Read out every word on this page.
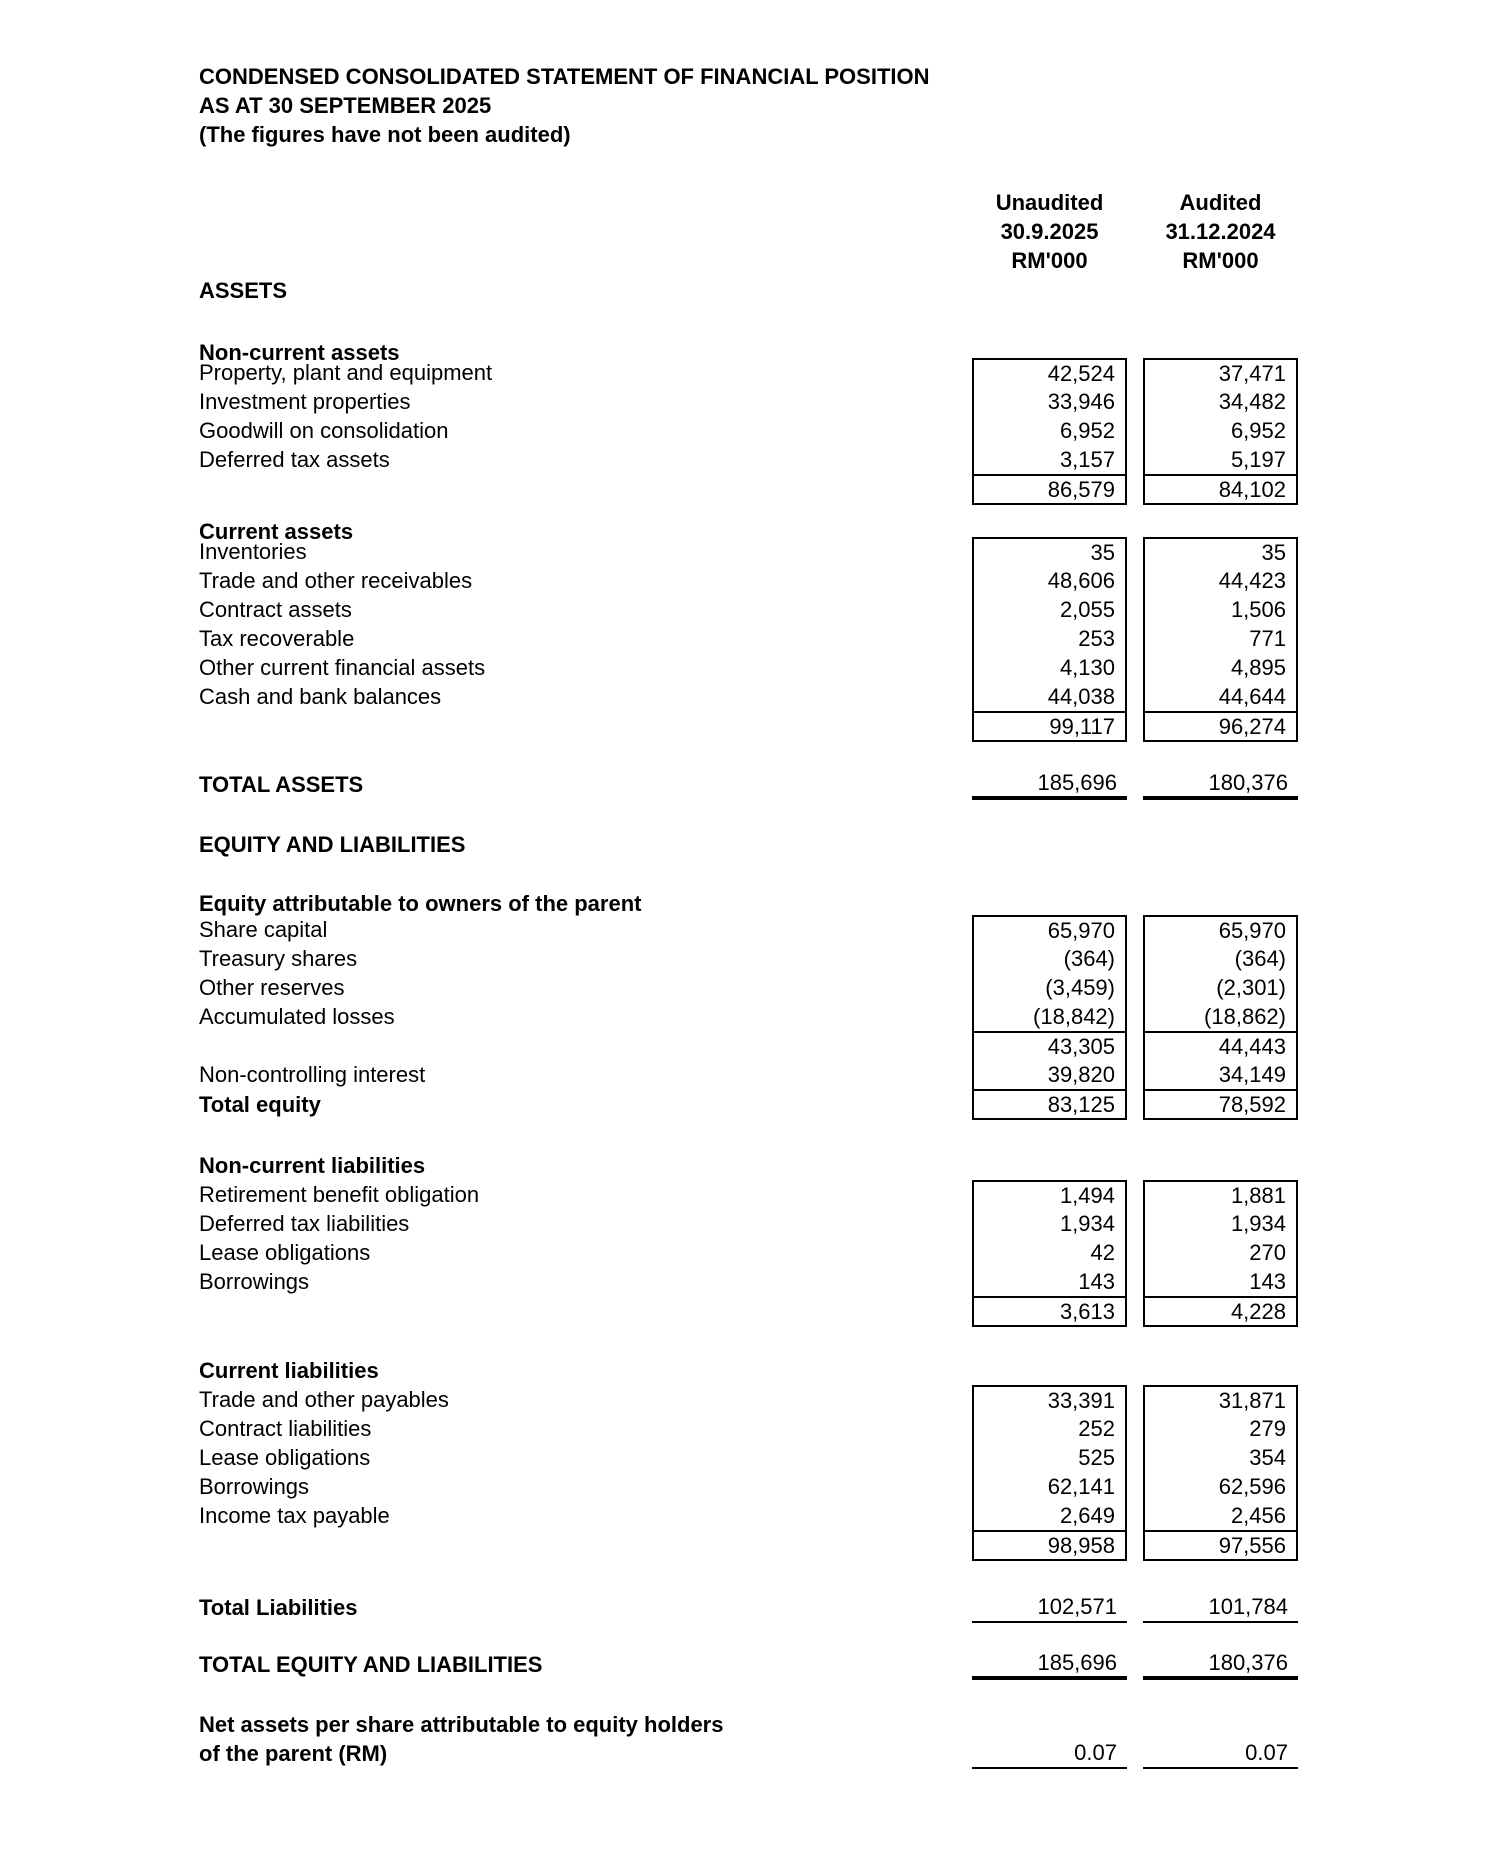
CONDENSED CONSOLIDATED STATEMENT OF FINANCIAL POSITION
AS AT 30 SEPTEMBER 2025
(The figures have not been audited)
Unaudited	Audited
30.9.2025	31.12.2024
RM'000	RM'000
ASSETS
Non-current assets
Property, plant and equipment	42,524	37,471
Investment properties	33,946	34,482
Goodwill on consolidation	6,952	6,952
Deferred tax assets	3,157	5,197
86,579	84,102
Current assets
Inventories	35	35
Trade and other receivables	48,606	44,423
Contract assets	2,055	1,506
Tax recoverable	253	771
Other current financial assets	4,130	4,895
Cash and bank balances	44,038	44,644
99,117	96,274
TOTAL ASSETS	185,696	180,376
EQUITY AND LIABILITIES
Equity attributable to owners of the parent
Share capital	65,970	65,970
Treasury shares	(364)	(364)
Other reserves	(3,459)	(2,301)
Accumulated losses	(18,842)	(18,862)
43,305	44,443
Non-controlling interest	39,820	34,149
Total equity	83,125	78,592
Non-current liabilities
Retirement benefit obligation	1,494	1,881
Deferred tax liabilities	1,934	1,934
Lease obligations	42	270
Borrowings	143	143
3,613	4,228
Current liabilities
Trade and other payables	33,391	31,871
Contract liabilities	252	279
Lease obligations	525	354
Borrowings	62,141	62,596
Income tax payable	2,649	2,456
98,958	97,556
Total Liabilities	102,571	101,784
TOTAL EQUITY AND LIABILITIES	185,696	180,376
Net assets per share attributable to equity holders
of the parent (RM)	0.07	0.07
